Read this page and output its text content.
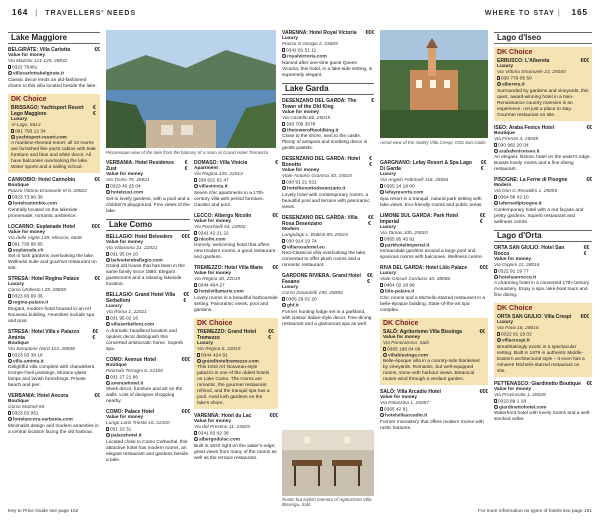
164 | TRAVELLERS' NEEDS	WHERE TO STAY | 165
Lake Maggiore
BELGIRATE: Villa Carlotta	€€
Value for money
Via Mazzini 121-125, 28832
0322 76461
villacarlottabelgirate.it
Classic decor lends an old-fashioned charm to this villa located beside the lake.
DK Choice
BRISSAGO: Yachtsport Resort Lago Maggiore
€€
Luxury
Al Lago, 6614
091 793 12 34
yachtsport-resort.com
A maritime-themed resort; all 10 rooms are furnished like yacht cabins with teak furniture and blue and white decor. All have balconies overlooking the lake. Water sports and a sailing school.
CANNOBIO: Hotel Cannobio	€€
Boutique
Piazza Vittorio Emanuele III 6, 28822
0323 73 96 39
hotelcannobio.com
Centrally located on the lakeside promenade; romantic ambience.
LOCARNO: Esplanade Hotel	€€€
Value for money
Via delle Vigne 149, Minusio, 6648
091 735 85 85
esplanade.ch
Set in lush gardens overlooking the lake. Wellness suite and gourmet restaurant on site.
STRESA: Hotel Regina Palace	€€
Luxury
Corso Umberto I 29, 28838
0323 93 69 36
regina-palace.it
Elegant, modern hotel housed in an Art Nouveau building. Amenities include spa and pool.
STRESA: Hotel Villa e Palazzo Aminta
€€€
Boutique
Via Sempione Nord 123, 28838
0323 93 38 18
villa-aminta.it
Delightful villa complete with chandeliers, trompe-l'oeil paintings, Murano-glass lamps and lavish furnishings. Private beach and pier.
VERBANIA: Hotel Ancora	€€
Boutique
Corso Mameli 65
0323 53 951
hotelancora-verbania.com
Minimalist design and modern amenities in a central location facing the old harbour.
Picturesque view of the lake from the balcony of a room at Grand Hotel Tremezzo
VERBANIA: Hotel Residence Zust
€€
Value for money
Via Ticino 79, 28921
0323 40 25 04
hotelzust.com
Set in lovely gardens, with a pool and a children's playground. Fine views of the lake.
Lake Como
BELLAGIO: Hotel Belvedere €€€
Value for money
Via Valassina 31, 22021
031 95 04 10
belvederebellagio.com
Grand old house that has been in the same family since 1880. Elegant guestrooms and a relaxing lakeside location.
BELLAGIO: Grand Hotel Villa Serbelloni
€€€
Luxury
Via Roma 1, 22021
031 95 02 16
villaserbelloni.com
A dramatic headland location and opulent decor distinguish this converted aristocratic home. Superb spa.
COMO: Avenue Hotel	€€€
Boutique
Piazzolo Terragni 6, 22100
031 27 21 86
avenuehotel.it
Sleek decor, furniture and art on the walls. Lots of designer shopping nearby.
COMO: Palace Hotel	€€€
Value for money
Lungo Lario Trieste 16, 22100
031 23 31
palacehotel.it
Located close to Como Cathedral, this attractive hotel has modern rooms, an elegant restaurant and gardens beside a lake.
DOMASO: Villa Vinicia	€
Apartment
Via Regina 135, 22013
339 621 82 47
villavinicia.it
Seven chic apartments in a 17th-century villa with period furniture. Garden and pool.
LECCO: Albergo Nicolin	€€
Value for money
Via Ponchielli 54, 23900
0341 42 21 22
nicolin.com
Homely, welcoming hotel that offers new modern rooms, a good restaurant and gardens.
TREMEZZO: Hotel Villa Marie €€
Value for money
Via Regina 30, 22019
0344 404 27
hotelvillamarie.com
Lovely rooms in a beautiful harbourside setting. Panoramic views, pool and gardens.
DK Choice
TREMEZZO: Grand Hotel Tremezzo
€€€
Luxury
Via Regina 8, 22019
0344 424 91
grandhoteltremezzo.com
This 1910 Art Nouveau-style palazzo is one of the oldest hotels on Lake Como. The rooms are romantic, the gourmet restaurant refined, and the tranquil spa has a pool. Avail lush gardens on the lake's shore.
VARENNA: Hotel du Lac	€€€
Value for money
Via del Prestino 11, 23829
0341 83 02 38
albergodulac.com
Built in 1823 right on the water's edge; great views from many of the rooms as well as the terrace restaurant.
VARENNA: Hotel Royal Victoria €€€
Luxury
Piazza S Giorgio 2, 23829
0341 81 51 11
royalvictoria.com
Named after one-time guest Queen Victoria, this hotel, in a lake-side setting, is supremely elegant.
Lake Garda
DESENZANO DEL GARDA: The Tower of the Old King
€
Value for money
Via Castello 66, 25015
338 706 3578
thetowerofheoldking.it
Close to the shore, next to the castle. Plenty of antiques and soothing decor in gentle pastels.
DESENZANO DEL GARDA: Hotel Bonotto
€€
Value for money
Viale Antonio Gramsci 40, 25015
030 91 21 021
hotelbonottodesenzano.it
Lovely hotel with contemporary rooms, a beautiful pool and terrace with panoramic views.
DESENZANO DEL GARDA: Villa Rosa Desenzano
€€€
Modern
Lungolago c. Battisti 89, 25015
030 914 19 74
villarosahotel.eu
Neo-Classical villa overlooking the lake, converted to offer plush rooms and a romantic restaurant.
GARDONE RIVIERA: Grand Hotel Fasano
€€€
Luxury
Corso Zanardelli 190, 25083
0365 29 02 20
ghf.it
Former hunting lodge set in a parkland, with classic Italian-style decor. Fine-dining restaurant and a glamorous spa as well.
Rustic but stylish interiors of Agriturismo Villa Bissinga, Salò
Aerial view of the stately Villa Crespi, Orta San Giulio
GARGNANO: Lefay Resort & Spa Lago Di Garda
€€€
Luxury
Via Angelo Feltrinelli 118, 25084
0365 24 18 00
lefayresorts.com
Spa resort in a tranquil, natural park setting with lake views. Eco-friendly rooms and public areas.
LIMONE SUL GARDA: Park Hotel Imperial
€€€
Luxury
Via Tamas 10b, 25010
0365 95 45 91
parkhotelimperial.it
Immaculate gardens around a large pool and spacious rooms with balconies. Wellness centre.
RIVA DEL GARDA: Hotel Lido Palace	€€€
Luxury
Viale Giosuè Carducci 10, 38066
0464 02 18 99
lido-palace.it
Chic rooms and a Michelin-starred restaurant in a belle-époque building. State-of-the-art spa complex.
DK Choice
SALÒ: Agriturismo Villa Bissinga	€€
Value for money
Via Panoramica, Salò
0365 198 04 08
villabissinga.com
Belle-époque villa in a country-side blanketed by vineyards. Romantic, but well-equipped rooms, some with harbour views. Botanical routes wind through a verdant garden.
SALÒ: Villa Arcadio Hotel	€€€
Value for money
Via Palazzina 1, 25087
0365 42 81
hotelvillaarcadio.it
Former monastery that offers modern rooms with rustic features.
Lago d'Iseo
DK Choice
ERBUSCO: L'Albereta	€€€
Luxury
Via Vittorio Emanuele 23, 25030
030 776 05 50
albereta.it
Surrounded by gardens and vineyards, this quiet, award-winning hotel in a Neo-Renaissance country mansion is an experience, not just a place to stay. Gourmet restaurant on site.
ISEO: Araba Fenice Hotel	€€
Boutique
Via Firenze 4, 25049
030 982 20 04
arabafeniceiseo.it
An elegant, historic hotel on the water's edge. Boasts lovely rooms and a fine-dining restaurant.
PISOGNE: La Ferne di Pisogne	€€
Modern
Via Don G Recaldini 1, 25055
0364 88 42 10
lafernedipisogne.it
Contemporary hotel with a red façade and pretty gardens. Superb restaurant and wellness centre.
Lago d'Orta
ORTA SAN GIULIO: Hotel San Rocco
€€€
Value for money
Via Gippini 11, 28016
0322 91 19 77
hotelsanrocco.it
A charming hotel in a converted 17th-century monastery. Enjoy a spa, lake-boat tours and fine dining.
DK Choice
ORTA SAN GIULIO: Villa Crespi €€€
Luxury
Via Fava 18, 28016
0322 91 19 02
villacrespi.it
Breathtakingly exotic in a spectacular setting. Built in 1879 in authentic Middle-Eastern architectural style – it even has a minaret! Michelin-starred restaurant on site.
PETTENASCO: Giardinetto Boutique €€
Value for money
Via Provinciale 1, 28028
0323 89 1 18
giardinettohotel.com
Waterfront hotel with lovely rooms and a well-stocked cellar.
Key to Price Guide see page 162	For more information on types of hotels see page 161
